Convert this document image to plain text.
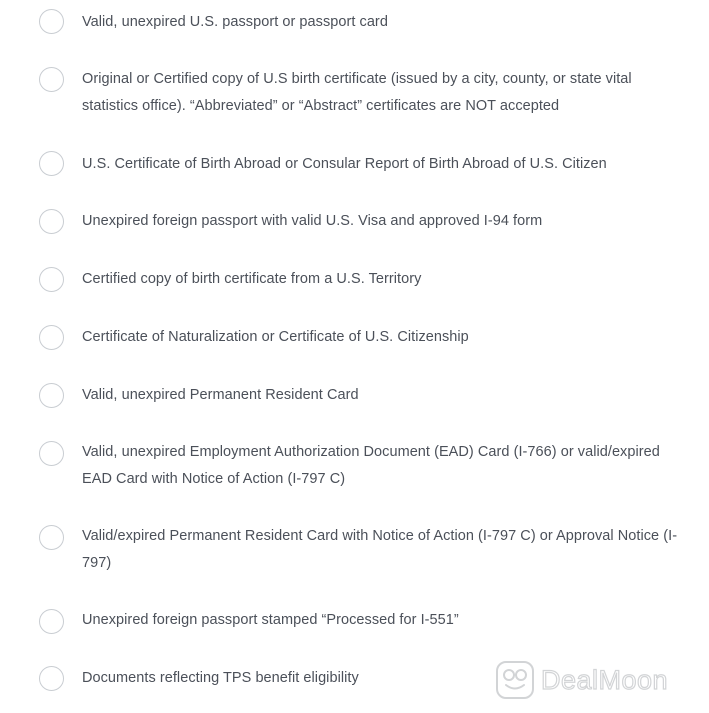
Valid, unexpired U.S. passport or passport card
Original or Certified copy of U.S birth certificate (issued by a city, county, or state vital statistics office). “Abbreviated” or “Abstract” certificates are NOT accepted
U.S. Certificate of Birth Abroad or Consular Report of Birth Abroad of U.S. Citizen
Unexpired foreign passport with valid U.S. Visa and approved I-94 form
Certified copy of birth certificate from a U.S. Territory
Certificate of Naturalization or Certificate of U.S. Citizenship
Valid, unexpired Permanent Resident Card
Valid, unexpired Employment Authorization Document (EAD) Card (I-766) or valid/expired EAD Card with Notice of Action (I-797 C)
Valid/expired Permanent Resident Card with Notice of Action (I-797 C) or Approval Notice (I-797)
Unexpired foreign passport stamped “Processed for I-551”
Documents reflecting TPS benefit eligibility	DealMoon
